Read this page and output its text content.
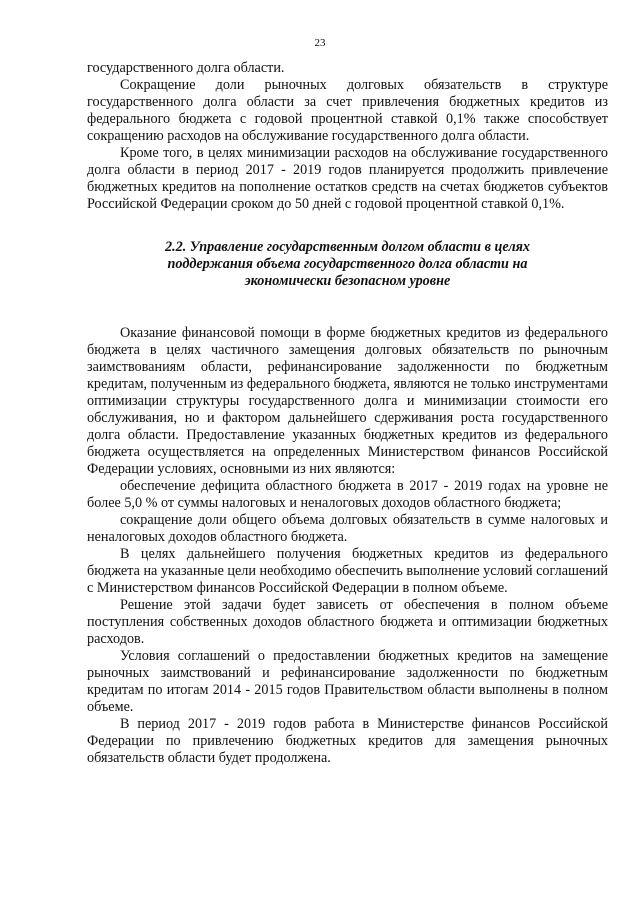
23

государственного долга области.

Сокращение доли рыночных долговых обязательств в структуре государственного долга области за счет привлечения бюджетных кредитов из федерального бюджета с годовой процентной ставкой 0,1% также способствует сокращению расходов на обслуживание государственного долга области.

Кроме того, в целях минимизации расходов на обслуживание государственного долга области в период 2017 - 2019 годов планируется продолжить привлечение бюджетных кредитов на пополнение остатков средств на счетах бюджетов субъектов Российской Федерации сроком до 50 дней с годовой процентной ставкой 0,1%.

2.2. Управление государственным долгом области в целях
поддержания объема государственного долга области на
экономически безопасном уровне

Оказание финансовой помощи в форме бюджетных кредитов из федерального бюджета в целях частичного замещения долговых обязательств по рыночным заимствованиям области, рефинансирование задолженности по бюджетным кредитам, полученным из федерального бюджета, являются не только инструментами оптимизации структуры государственного долга и минимизации стоимости его обслуживания, но и фактором дальнейшего сдерживания роста государственного долга области. Предоставление указанных бюджетных кредитов из федерального бюджета осуществляется на определенных Министерством финансов Российской Федерации условиях, основными из них являются:

обеспечение дефицита областного бюджета в 2017 - 2019 годах на уровне не более 5,0 % от суммы налоговых и неналоговых доходов областного бюджета;

сокращение доли общего объема долговых обязательств в сумме налоговых и неналоговых доходов областного бюджета.

В целях дальнейшего получения бюджетных кредитов из федерального бюджета на указанные цели необходимо обеспечить выполнение условий соглашений с Министерством финансов Российской Федерации в полном объеме.

Решение этой задачи будет зависеть от обеспечения в полном объеме поступления собственных доходов областного бюджета и оптимизации бюджетных расходов.

Условия соглашений о предоставлении бюджетных кредитов на замещение рыночных заимствований и рефинансирование задолженности по бюджетным кредитам по итогам 2014 - 2015 годов Правительством области выполнены в полном объеме.

В период 2017 - 2019 годов работа в Министерстве финансов Российской Федерации по привлечению бюджетных кредитов для замещения рыночных обязательств области будет продолжена.
